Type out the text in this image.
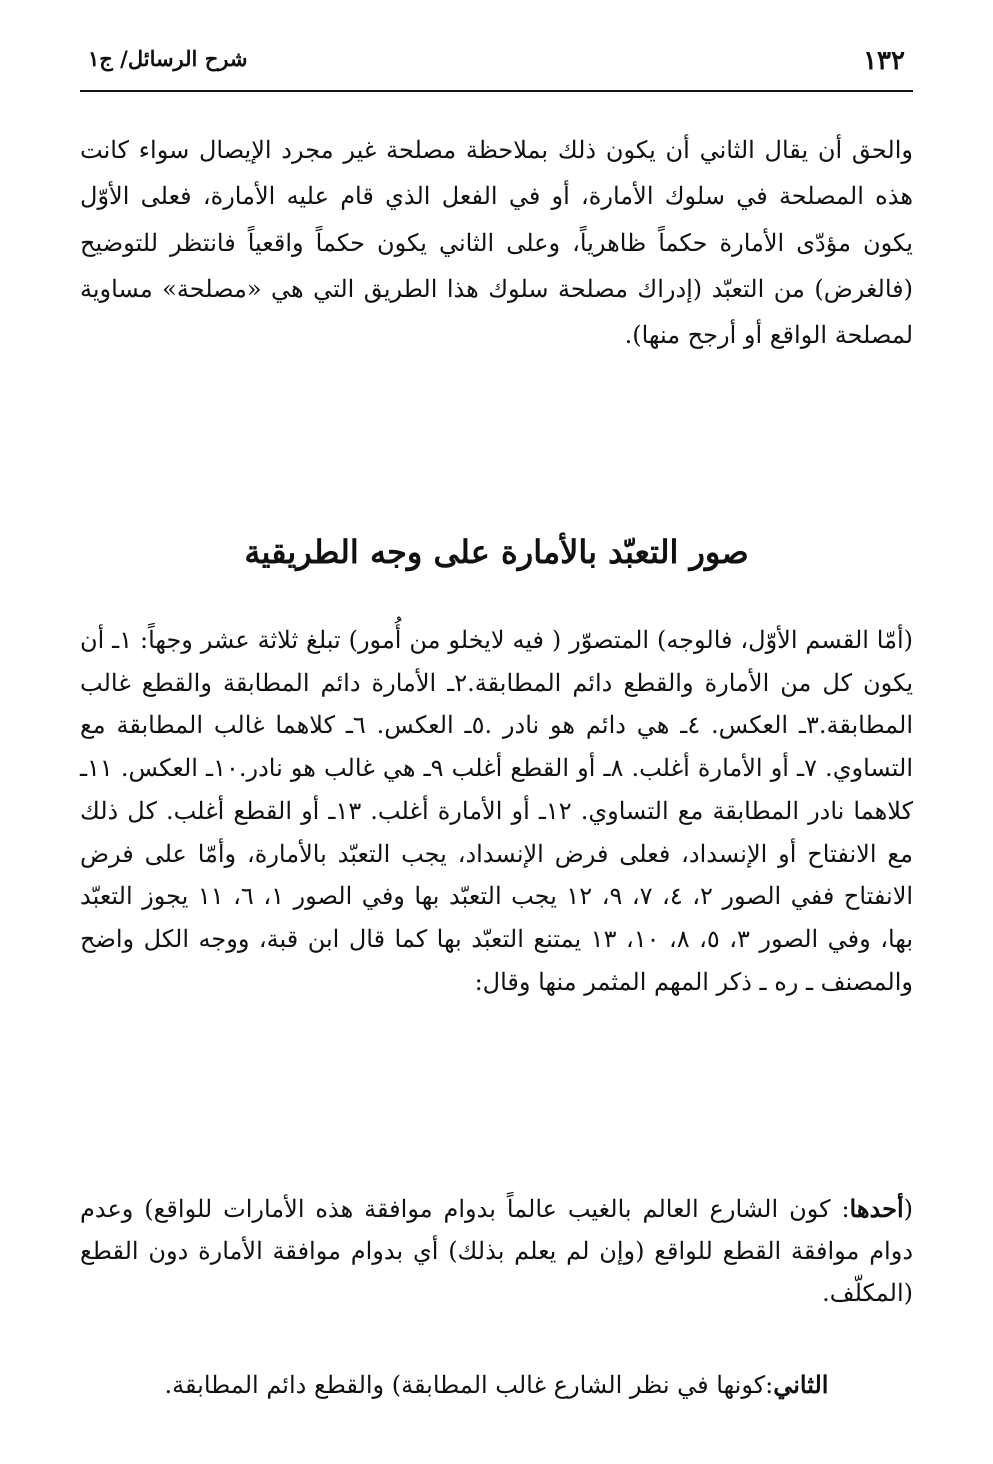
١٣٢
شرح الرسائل/ ج١

والحق أن يقال الثاني أن يكون ذلك بملاحظة مصلحة غير مجرد الإيصال سواء كانت هذه المصلحة في سلوك الأمارة، أو في الفعل الذي قام عليه الأمارة، فعلى الأوّل يكون مؤدّى الأمارة حكماً ظاهرياً، وعلى الثاني يكون حكماً واقعياً فانتظر للتوضيح (فالغرض) من التعبّد (إدراك مصلحة سلوك هذا الطريق التي هي «مصلحة» مساوية لمصلحة الواقع أو أرجح منها).

صور التعبّد بالأمارة على وجه الطريقية

(أمّا القسم الأوّل، فالوجه) المتصوّر ( فيه لايخلو من أُمور) تبلغ ثلاثة عشر وجهاً: ١ـ أن يكون كل من الأمارة والقطع دائم المطابقة.٢ـ الأمارة دائم المطابقة والقطع غالب المطابقة.٣ـ العكس. ٤ـ هي دائم هو نادر .٥ـ العكس. ٦ـ كلاهما غالب المطابقة مع التساوي. ٧ـ أو الأمارة أغلب. ٨ـ أو القطع أغلب ٩ـ هي غالب هو نادر.١٠ـ العكس. ١١ـ كلاهما نادر المطابقة مع التساوي. ١٢ـ أو الأمارة أغلب. ١٣ـ أو القطع أغلب. كل ذلك مع الانفتاح أو الإنسداد، فعلى فرض الإنسداد، يجب التعبّد بالأمارة، وأمّا على فرض الانفتاح ففي الصور ٢، ٤، ٧، ٩، ١٢ يجب التعبّد بها وفي الصور ١، ٦، ١١ يجوز التعبّد بها، وفي الصور ٣، ٥، ٨، ١٠، ١٣ يمتنع التعبّد بها كما قال ابن قبة، ووجه الكل واضح والمصنف ـ ره ـ ذكر المهم المثمر منها وقال:

(أحدها: كون الشارع العالم بالغيب عالماً بدوام موافقة هذه الأمارات للواقع) وعدم دوام موافقة القطع للواقع (وإن لم يعلم بذلك) أي بدوام موافقة الأمارة دون القطع (المكلّف.

الثاني:كونها في نظر الشارع غالب المطابقة) والقطع دائم المطابقة.
